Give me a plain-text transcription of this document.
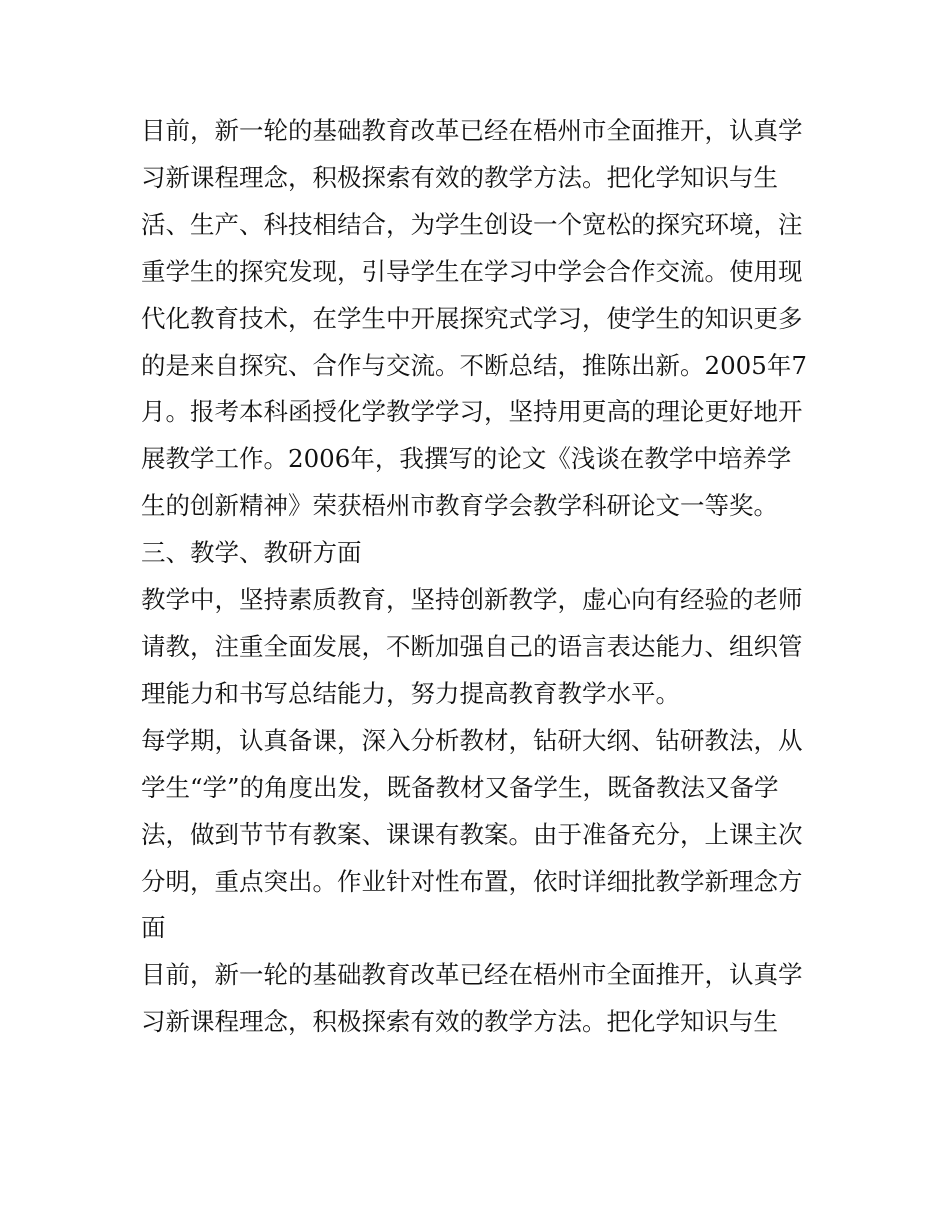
目前，新一轮的基础教育改革已经在梧州市全面推开，认真学习新课程理念，积极探索有效的教学方法。把化学知识与生活、生产、科技相结合，为学生创设一个宽松的探究环境，注重学生的探究发现，引导学生在学习中学会合作交流。使用现代化教育技术，在学生中开展探究式学习，使学生的知识更多的是来自探究、合作与交流。不断总结，推陈出新。2005年7月。报考本科函授化学教学学习，坚持用更高的理论更好地开展教学工作。2006年，我撰写的论文《浅谈在教学中培养学生的创新精神》荣获梧州市教育学会教学科研论文一等奖。

三、教学、教研方面

教学中，坚持素质教育，坚持创新教学，虚心向有经验的老师请教，注重全面发展，不断加强自己的语言表达能力、组织管理能力和书写总结能力，努力提高教育教学水平。

每学期，认真备课，深入分析教材，钻研大纲、钻研教法，从学生“学”的角度出发，既备教材又备学生，既备教法又备学法，做到节节有教案、课课有教案。由于准备充分，上课主次分明，重点突出。作业针对性布置，依时详细批教学新理念方面

目前，新一轮的基础教育改革已经在梧州市全面推开，认真学习新课程理念，积极探索有效的教学方法。把化学知识与生
